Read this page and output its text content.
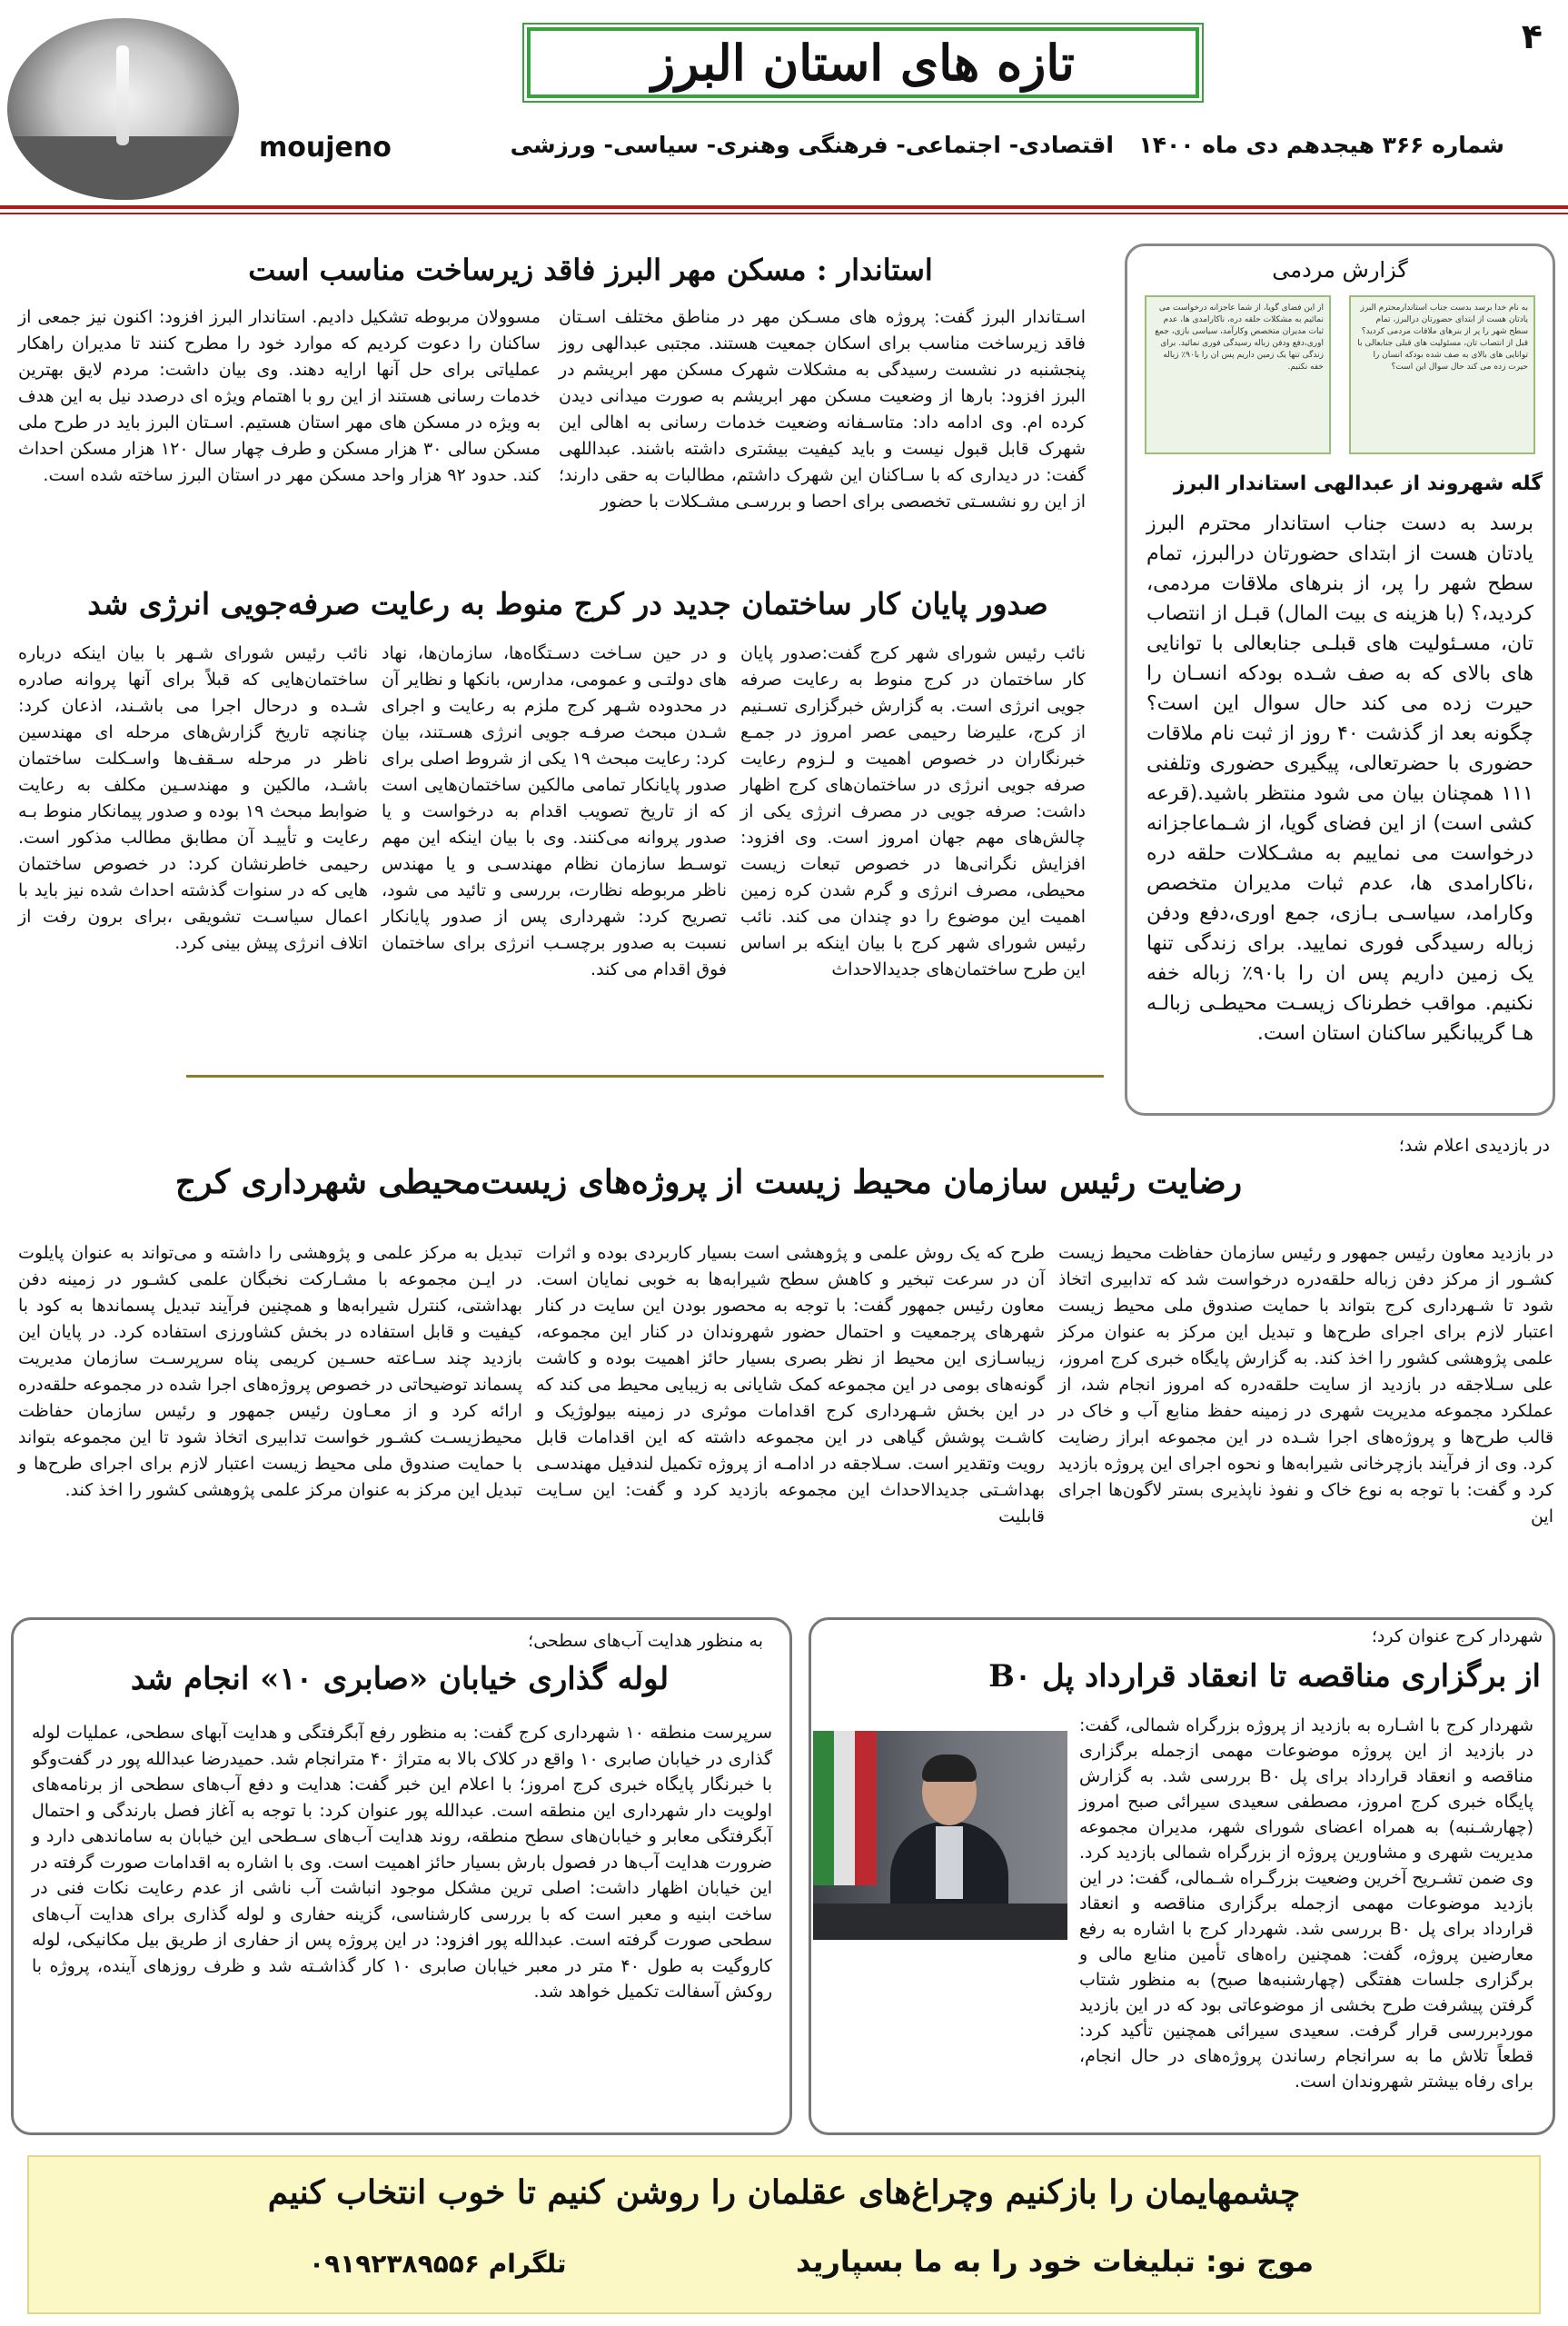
۴
تازه های استان البرز
شماره ۳۶۶ هیجدهم دی ماه ۱۴۰۰
اقتصادی- اجتماعی- فرهنگی وهنری- سیاسی- ورزشی
moujeno
گزارش مردمی
به نام خدا برسد بدست جناب استاندارمحترم البرز یادتان هست از ابتدای حضورتان درالبرز، تمام سطح شهر را پر از بنرهای ملاقات مردمی کردید؟ قبل از انتصاب تان، مسئولیت های قبلی جنابعالی با توانایی های بالای به صف شده بودکه انسان را حیرت زده می کند حال سوال این است؟
از این فضای گویا، از شما عاجزانه درخواست می نمائیم به مشکلات حلقه دره، ناکارامدی ها، عدم ثبات مدیران متخصص وکارآمد، سیاسی بازی، جمع اوری،دفع ودفن زباله رسیدگی فوری نمائید. برای زندگی تنها یک زمین داریم پس ان را با۹۰٪ زباله خفه نکنیم.
گله شهروند از عبدالهی استاندار البرز
برسد به دست جناب استاندار محترم البرز یادتان هست از ابتدای حضورتان درالبرز، تمام سطح شهر را پر، از بنرهای ملاقات مردمی، کردید،؟ (با هزینه ی بیت المال) قبـل از انتصاب تان، مسـئولیت های قبلـی جنابعالی با توانایی های بالای که به صف شـده بودکه انسـان را حیرت زده می کند حال سوال این است؟ چگونه بعد از گذشت ۴۰ روز از ثبت نام ملاقات حضوری با حضرتعالی، پیگیری حضوری وتلفنی ۱۱۱ همچنان بیان می شود منتظر باشید.(قرعه کشی است) از این فضای گویا، از شـماعاجزانه درخواست می نماییم به مشـکلات حلقه دره ،ناکارامدی ها، عدم ثبات مدیران متخصص وکارامد، سیاسـی بـازی، جمع اوری،دفع ودفن زباله رسیدگی فوری نمایید. برای زندگی تنها یک زمین داریم پس ان را با۹۰٪ زباله خفه نکنیم. مواقب خطرناک زیسـت محیطـی زبالـه هـا گریبانگیر ساکنان استان است.
استاندار : مسکن مهر البرز فاقد زیرساخت مناسب است
اسـتاندار البرز گفت: پروژه های مسـکن مهر در مناطق مختلف اسـتان فاقد زیرساخت مناسب برای اسکان جمعیت هستند. مجتبی عبدالهی روز پنجشنبه در نشست رسیدگی به مشکلات شهرک مسکن مهر ابریشم در البرز افزود: بارها از وضعیت مسکن مهر ابریشم به صورت میدانی دیدن کرده ام. وی ادامه داد: متاسـفانه وضعیت خدمات رسانی به اهالی این شهرک قابل قبول نیست و باید کیفیت بیشتری داشته باشند. عبداللهی گفت: در دیداری که با سـاکنان این شهرک داشتم، مطالبات به حقی دارند؛ از این رو نشسـتی تخصصی برای احصا و بررسـی مشـکلات با حضور
مسوولان مربوطه تشکیل دادیم. استاندار البرز افزود: اکنون نیز جمعی از ساکنان را دعوت کردیم که موارد خود را مطرح کنند تا مدیران راهکار عملیاتی برای حل آنها ارایه دهند. وی بیان داشت: مردم لایق بهترین خدمات رسانی هستند از این رو با اهتمام ویژه ای درصدد نیل به این هدف به ویژه در مسکن های مهر استان هستیم. اسـتان البرز باید در طرح ملی مسکن سالی ۳۰ هزار مسکن و طرف چهار سال ۱۲۰ هزار مسکن احداث کند. حدود ۹۲ هزار واحد مسکن مهر در استان البرز ساخته شده است.
صدور پایان کار ساختمان جدید در کرج منوط به رعایت صرفه‌جویی انرژی شد
نائب رئیس شورای شهر کرج گفت:صدور پایان کار ساختمان در کرج منوط به رعایت صرفه جویی انرژی است. به گزارش خبرگزاری تسـنیم از کرج، علیرضا رحیمی عصر امروز در جمـع خبرنگاران در خصوص اهمیت و لـزوم رعایت صرفه جویی انرژی در ساختمان‌های کرج اظهار داشت: صرفه جویی در مصرف انرژی یکی از چالش‌های مهم جهان امروز است. وی افزود: افزایش نگرانی‌ها در خصوص تبعات زیست محیطی، مصرف انرژی و گرم شدن کره زمین اهمیت این موضوع را دو چندان می کند. نائب رئیس شورای شهر کرج با بیان اینکه بر اساس این طرح ساختمان‌های جدیدالاحداث
و در حین سـاخت دسـتگاه‌ها، سازمان‌ها، نهاد های دولتـی و عمومی، مدارس، بانکها و نظایر آن در محدوده شـهر کرج ملزم به رعایت و اجرای شـدن مبحث صرفـه جویی انرژی هسـتند، بیان کرد: رعایت مبحث ۱۹ یکی از شروط اصلی برای صدور پایانکار تمامی مالکین ساختمان‌هایی است که از تاریخ تصویب اقدام به درخواست و یا صدور پروانه می‌کنند. وی با بیان اینکه این مهم توسـط سازمان نظام مهندسـی و یا مهندس ناظر مربوطه نظارت، بررسی و تائید می شود، تصریح کرد: شهرداری پس از صدور پایانکار نسبت به صدور برچسـب انرژی برای ساختمان فوق اقدام می کند.
نائب رئیس شورای شـهر با بیان اینکه درباره ساختمان‌هایی که قبلاً برای آنها پروانه صادره شـده و درحال اجرا می باشـند، اذعان کرد: چنانچه تاریخ گزارش‌های مرحله ای مهندسین ناظر در مرحله سـقف‌ها واسـکلت ساختمان باشـد، مالکین و مهندسـین مکلف به رعایت ضوابط مبحث ۱۹ بوده و صدور پیمانکار منوط بـه رعایت و تأییـد آن مطابق مطالب مذکور است. رحیمی خاطرنشان کرد: در خصوص ساختمان هایی که در سنوات گذشته احداث شده نیز باید با اعمال سیاسـت تشویقی ،برای برون رفت از اتلاف انرژی پیش بینی کرد.
در بازدیدی اعلام شد؛
رضایت رئیس سازمان محیط زیست از پروژه‌های زیست‌محیطی شهرداری کرج
در بازدید معاون رئیس جمهور و رئیس سازمان حفاظت محیط زیست کشـور از مرکز دفن زباله حلقه‌دره درخواست شد که تدابیری اتخاذ شود تا شـهرداری کرج بتواند با حمایت صندوق ملی محیط زیست اعتبار لازم برای اجرای طرح‌ها و تبدیل این مرکز به عنوان مرکز علمی پژوهشی کشور را اخذ کند. به گزارش پایگاه خبری کرج امروز، علی سـلاجقه در بازدید از سایت حلقه‌دره که امروز انجام شد، از عملکرد مجموعه مدیریت شهری در زمینه حفظ منابع آب و خاک در قالب طرح‌ها و پروژه‌های اجرا شـده در این مجموعه ابراز رضایت کرد. وی از فرآیند بازچرخانی شیرابه‌ها و نحوه اجرای این پروژه بازدید کرد و گفت: با توجه به نوع خاک و نفوذ ناپذیری بستر لاگون‌ها اجرای این
طرح که یک روش علمی و پژوهشی است بسیار کاربردی بوده و اثرات آن در سرعت تبخیر و کاهش سطح شیرابه‌ها به خوبی نمایان است. معاون رئیس جمهور گفت: با توجه به محصور بودن این سایت در کنار شهرهای پرجمعیت و احتمال حضور شهروندان در کنار این مجموعه، زیباسـازی این محیط از نظر بصری بسیار حائز اهمیت بوده و کاشت گونه‌های بومی در این مجموعه کمک شایانی به زیبایی محیط می کند که در این بخش شـهرداری کرج اقدامات موثری در زمینه بیولوژیک و کاشـت پوشش گیاهی در این مجموعه داشته که این اقدامات قابل رویت وتقدیر است. سـلاجقه در ادامـه از پروژه تکمیل لندفیل مهندسـی بهداشـتی جدیدالاحداث این مجموعه بازدید کرد و گفت: این سـایت قابلیت
تبدیل به مرکز علمی و پژوهشی را داشته و می‌تواند به عنوان پایلوت در ایـن مجموعه با مشـارکت نخبگان علمی کشـور در زمینه دفن بهداشتی، کنترل شیرابه‌ها و همچنین فرآیند تبدیل پسماندها به کود با کیفیت و قابل استفاده در بخش کشاورزی استفاده کرد. در پایان این بازدید چند سـاعته حسـین کریمی پناه سرپرسـت سازمان مدیریت پسماند توضیحاتی در خصوص پروژه‌های اجرا شده در مجموعه حلقه‌دره ارائه کرد و از معـاون رئیس جمهور و رئیس سازمان حفاظت محیط‌زیسـت کشـور خواست تدابیری اتخاذ شود تا این مجموعه بتواند با حمایت صندوق ملی محیط زیست اعتبار لازم برای اجرای طرح‌ها و تبدیل این مرکز به عنوان مرکز علمی پژوهشی کشور را اخذ کند.
شهردار کرج عنوان کرد؛
از برگزاری مناقصه تا انعقاد قرارداد پل B۰
شهردار کرج با اشـاره به بازدید از پروژه بزرگراه شمالی، گفت: در بازدید از این پروژه موضوعات مهمی ازجمله برگزاری مناقصه و انعقاد قرارداد برای پل B۰ بررسی شد. به گزارش پایگاه خبری کرج امروز، مصطفی سعیدی سیرائی صبح امروز (چهارشـنبه) به همراه اعضای شورای شهر، مدیران مجموعه مدیریت شهری و مشاورین پروژه از بزرگراه شمالی بازدید کرد. وی ضمن تشـریح آخرین وضعیت بزرگـراه شـمالی، گفت: در این بازدید موضوعات مهمی ازجمله برگزاری مناقصه و انعقاد قرارداد برای پل B۰ بررسی شد. شهردار کرج با اشاره به رفع معارضین پروژه، گفت: همچنین راه‌های تأمین منابع مالی و برگزاری جلسات هفتگی (چهارشنبه‌ها صبح) به منظور شتاب گرفتن پیشرفت طرح بخشی از موضوعاتی بود که در این بازدید موردبررسی قرار گرفت. سعیدی سیرائی همچنین تأکید کرد: قطعاً تلاش ما به سرانجام رساندن پروژه‌های در حال انجام، برای رفاه بیشتر شهروندان است.
به منظور هدایت آب‌های سطحی؛
لوله گذاری خیابان «صابری ۱۰» انجام شد
سرپرست منطقه ۱۰ شهرداری کرج گفت: به منظور رفع آبگرفتگی و هدایت آبهای سطحی، عملیات لوله گذاری در خیابان صابری ۱۰ واقع در کلاک بالا به متراژ ۴۰ مترانجام شد. حمیدرضا عبدالله پور در گفت‌وگو با خبرنگار پایگاه خبری کرج امروز؛ با اعلام این خبر گفت: هدایت و دفع آب‌های سطحی از برنامه‌های اولویت دار شهرداری این منطقه است. عبدالله پور عنوان کرد: با توجه به آغاز فصل بارندگی و احتمال آبگرفتگی معابر و خیابان‌های سطح منطقه، روند هدایت آب‌های سـطحی این خیابان به ساماندهی دارد و ضرورت هدایت آب‌ها در فصول بارش بسیار حائز اهمیت است. وی با اشاره به اقدامات صورت گرفته در این خیابان اظهار داشت: اصلی ترین مشکل موجود انباشت آب ناشی از عدم رعایت نکات فنی در ساخت ابنیه و معبر است که با بررسی کارشناسی، گزینه حفاری و لوله گذاری برای هدایت آب‌های سطحی صورت گرفته است. عبدالله پور افزود: در این پروژه پس از حفاری از طریق بیل مکانیکی، لوله کاروگیت به طول ۴۰ متر در معبر خیابان صابری ۱۰ کار گذاشـته شد و ظرف روزهای آینده، پروژه با روکش آسفالت تکمیل خواهد شد.
چشمهایمان را بازکنیم وچراغ‌های عقلمان را روشن کنیم تا خوب انتخاب کنیم
موج نو: تبلیغات خود را به ما بسپارید
تلگرام ۰۹۱۹۲۳۸۹۵۵۶
